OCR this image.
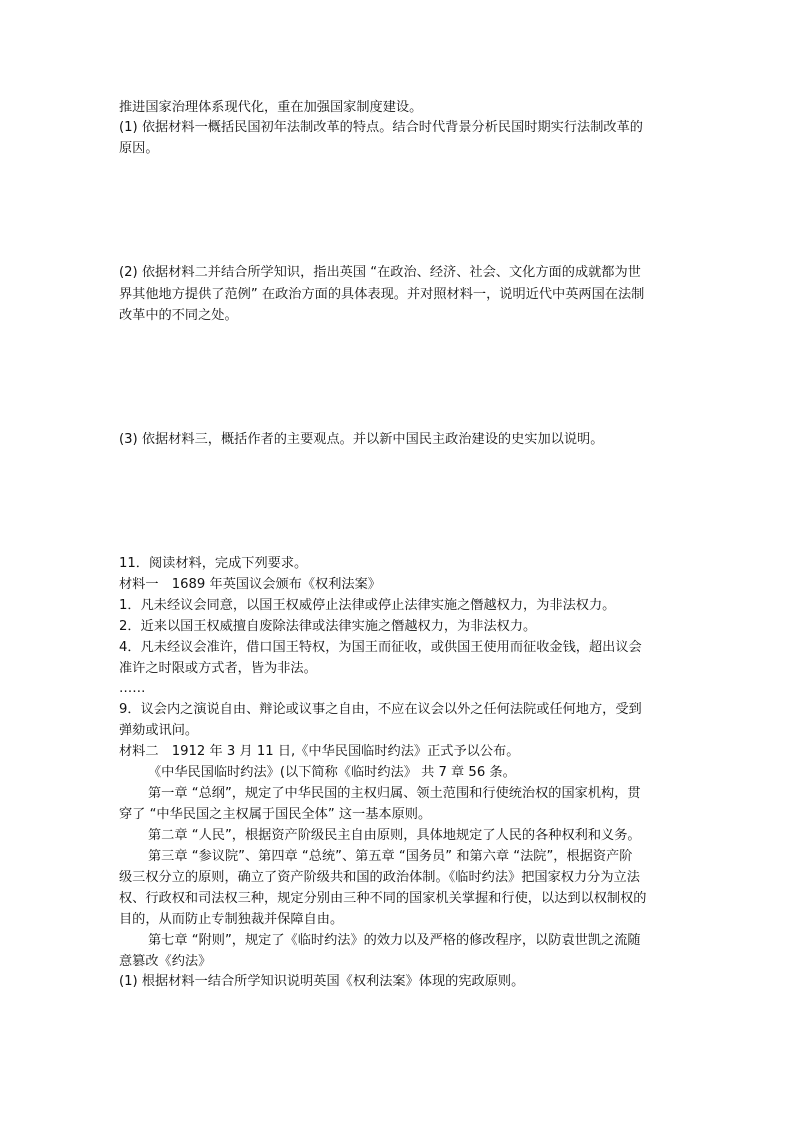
推进国家治理体系现代化，重在加强国家制度建设。
(1) 依据材料一概括民国初年法制改革的特点。结合时代背景分析民国时期实行法制改革的
原因。
(2) 依据材料二并结合所学知识，指出英国 “在政治、经济、社会、文化方面的成就都为世
界其他地方提供了范例” 在政治方面的具体表现。并对照材料一，说明近代中英两国在法制
改革中的不同之处。
(3) 依据材料三，概括作者的主要观点。并以新中国民主政治建设的史实加以说明。
11．阅读材料，完成下列要求。
材料一　1689 年英国议会颁布《权利法案》
1．凡未经议会同意，以国王权威停止法律或停止法律实施之僭越权力，为非法权力。
2．近来以国王权威擅自废除法律或法律实施之僭越权力，为非法权力。
4．凡未经议会准许，借口国王特权，为国王而征收，或供国王使用而征收金钱，超出议会
准许之时限或方式者，皆为非法。
……
9．议会内之演说自由、辩论或议事之自由，不应在议会以外之任何法院或任何地方，受到
弹劾或讯问。
材料二　1912 年 3 月 11 日,《中华民国临时约法》正式予以公布。
《中华民国临时约法》(以下简称《临时约法》 共 7 章 56 条。
第一章 “总纲”，规定了中华民国的主权归属、领土范围和行使统治权的国家机构，贯
穿了 “中华民国之主权属于国民全体” 这一基本原则。
第二章 “人民”，根据资产阶级民主自由原则，具体地规定了人民的各种权利和义务。
第三章 “参议院”、第四章 “总统”、第五章 “国务员” 和第六章 “法院”，根据资产阶
级三权分立的原则，确立了资产阶级共和国的政治体制。《临时约法》把国家权力分为立法
权、行政权和司法权三种，规定分别由三种不同的国家机关掌握和行使，以达到以权制权的
目的，从而防止专制独裁并保障自由。
第七章 “附则”，规定了《临时约法》的效力以及严格的修改程序，以防袁世凯之流随
意篡改《约法》
(1) 根据材料一结合所学知识说明英国《权利法案》体现的宪政原则。
